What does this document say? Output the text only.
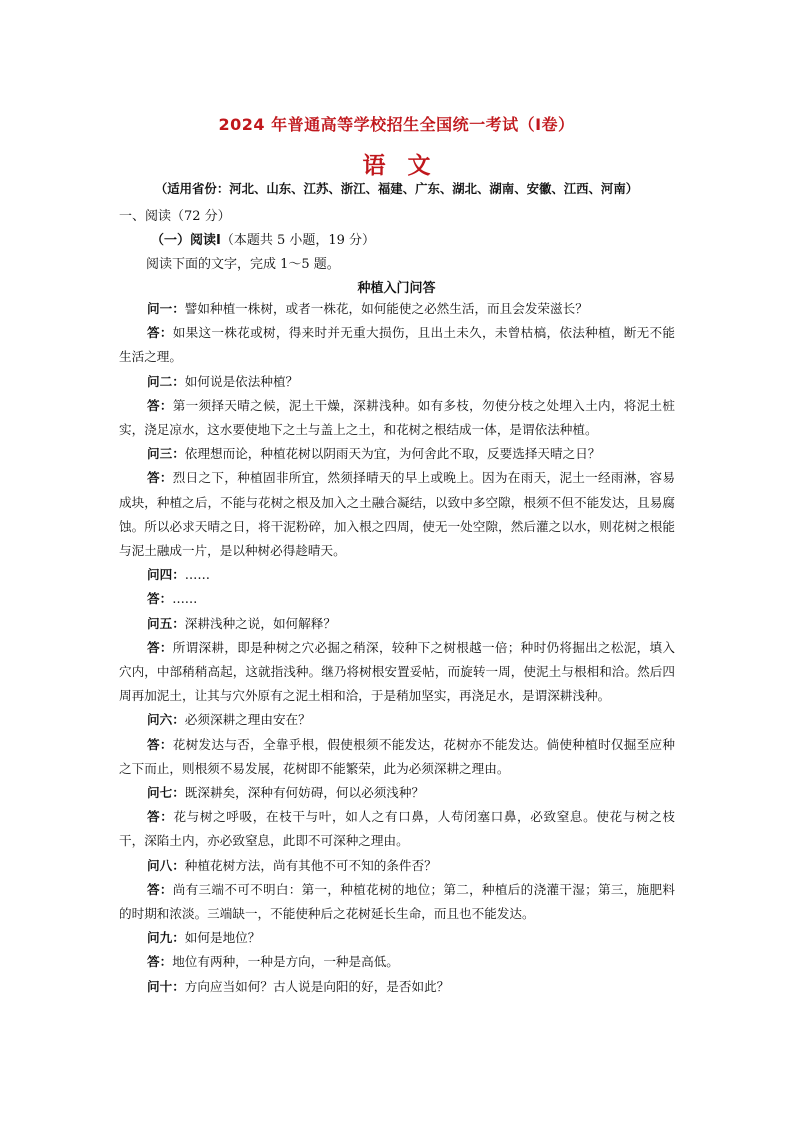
2024 年普通高等学校招生全国统一考试（Ⅰ卷）
语文
（适用省份：河北、山东、江苏、浙江、福建、广东、湖北、湖南、安徽、江西、河南）
一、阅读（72 分）
（一）阅读Ⅰ（本题共 5 小题，19 分）
阅读下面的文字，完成 1～5 题。
种植入门问答

问一：譬如种植一株树，或者一株花，如何能使之必然生活，而且会发荣滋长？

答：如果这一株花或树，得来时并无重大损伤，且出土未久，未曾枯槁，依法种植，断无不能生活之理。

问二：如何说是依法种植？

答：第一须择天晴之候，泥土干燥，深耕浅种。如有多枝，勿使分枝之处埋入土内，将泥土桩实，浇足凉水，这水要使地下之土与盖上之土，和花树之根结成一体，是谓依法种植。

问三：依理想而论，种植花树以阴雨天为宜，为何舍此不取，反要选择天晴之日？

答：烈日之下，种植固非所宜，然须择晴天的早上或晚上。因为在雨天，泥土一经雨淋，容易成块，种植之后，不能与花树之根及加入之土融合凝结，以致中多空隙，根须不但不能发达，且易腐蚀。所以必求天晴之日，将干泥粉碎，加入根之四周，使无一处空隙，然后灌之以水，则花树之根能与泥土融成一片，是以种树必得趁晴天。

问四：……

答：……

问五：深耕浅种之说，如何解释？

答：所谓深耕，即是种树之穴必掘之稍深，较种下之树根越一倍；种时仍将掘出之松泥，填入穴内，中部稍稍高起，这就指浅种。继乃将树根安置妥帖，而旋转一周，使泥土与根相和洽。然后四周再加泥土，让其与穴外原有之泥土相和洽，于是稍加坚实，再浇足水，是谓深耕浅种。

问六：必须深耕之理由安在？

答：花树发达与否，全靠乎根，假使根须不能发达，花树亦不能发达。倘使种植时仅掘至应种之下而止，则根须不易发展，花树即不能繁荣，此为必须深耕之理由。

问七：既深耕矣，深种有何妨碍，何以必须浅种？

答：花与树之呼吸，在枝干与叶，如人之有口鼻，人苟闭塞口鼻，必致窒息。使花与树之枝干，深陷土内，亦必致窒息，此即不可深种之理由。

问八：种植花树方法，尚有其他不可不知的条件否？

答：尚有三端不可不明白：第一，种植花树的地位；第二，种植后的浇灌干湿；第三，施肥料的时期和浓淡。三端缺一，不能使种后之花树延长生命，而且也不能发达。

问九：如何是地位？

答：地位有两种，一种是方向，一种是高低。

问十：方向应当如何？古人说是向阳的好，是否如此？
